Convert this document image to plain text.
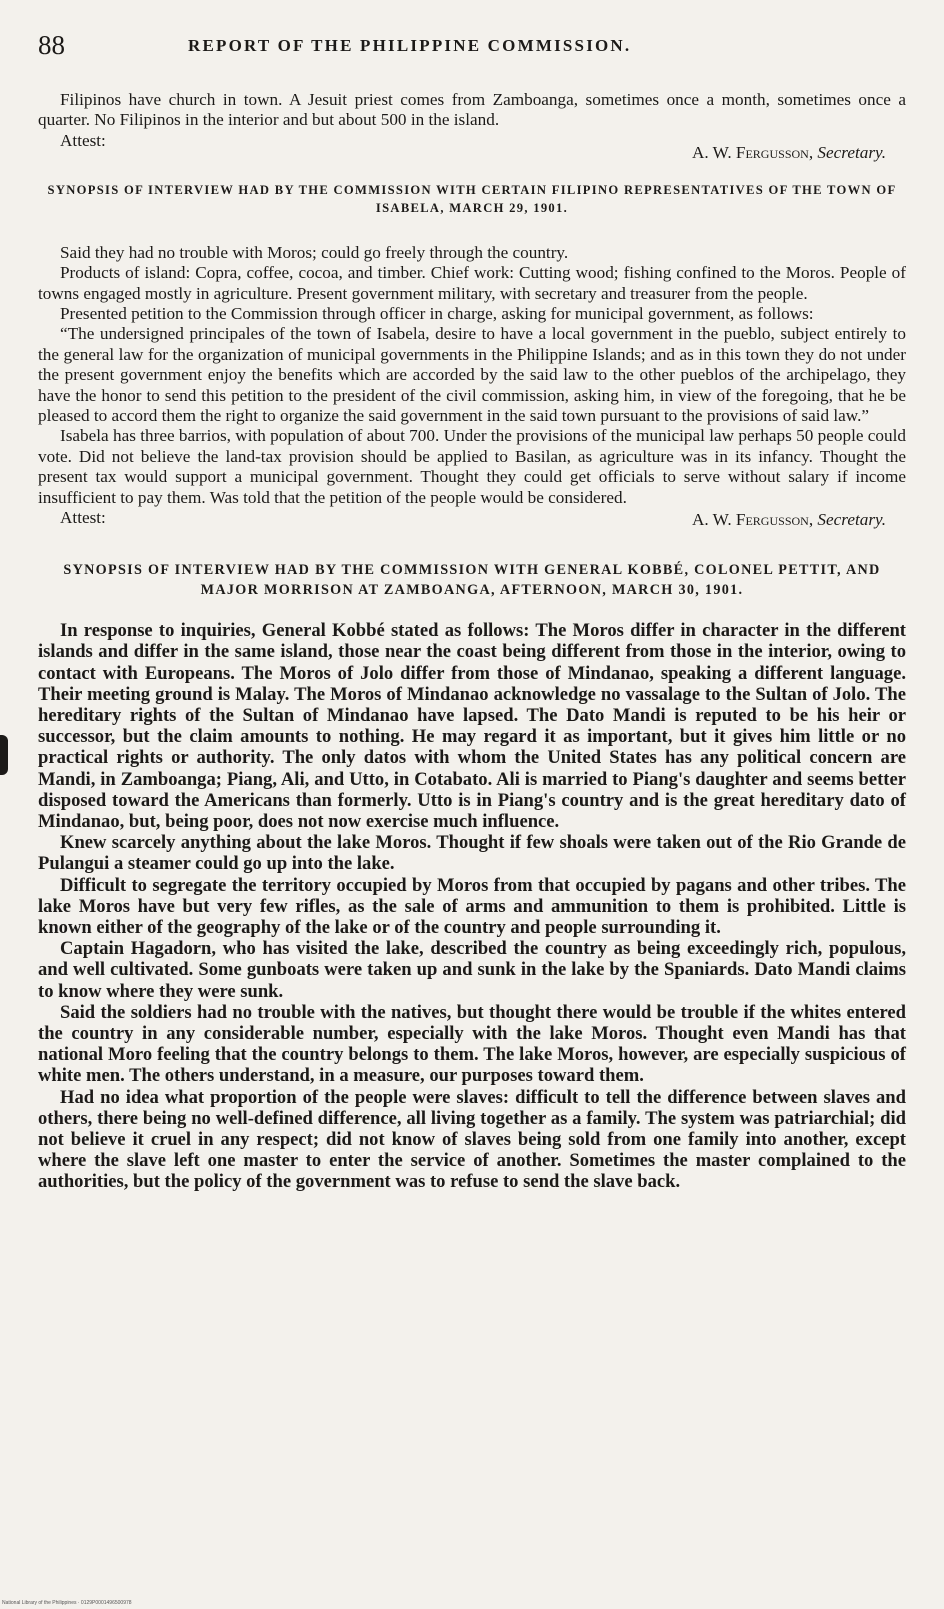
88	REPORT OF THE PHILIPPINE COMMISSION.

Filipinos have church in town. A Jesuit priest comes from Zamboanga, sometimes once a month, sometimes once a quarter. No Filipinos in the interior and but about 500 in the island.

Attest:
A. W. Fergusson, Secretary.
SYNOPSIS OF INTERVIEW HAD BY THE COMMISSION WITH CERTAIN FILIPINO REPRESENTATIVES OF THE TOWN OF ISABELA, MARCH 29, 1901.

Said they had no trouble with Moros; could go freely through the country.

Products of island: Copra, coffee, cocoa, and timber. Chief work: Cutting wood; fishing confined to the Moros. People of towns engaged mostly in agriculture. Present government military, with secretary and treasurer from the people.

Presented petition to the Commission through officer in charge, asking for municipal government, as follows:

“The undersigned principales of the town of Isabela, desire to have a local government in the pueblo, subject entirely to the general law for the organization of municipal governments in the Philippine Islands; and as in this town they do not under the present government enjoy the benefits which are accorded by the said law to the other pueblos of the archipelago, they have the honor to send this petition to the president of the civil commission, asking him, in view of the foregoing, that he be pleased to accord them the right to organize the said government in the said town pursuant to the provisions of said law.”

Isabela has three barrios, with population of about 700. Under the provisions of the municipal law perhaps 50 people could vote. Did not believe the land-tax provision should be applied to Basilan, as agriculture was in its infancy. Thought the present tax would support a municipal government. Thought they could get officials to serve without salary if income insufficient to pay them. Was told that the petition of the people would be considered.

Attest:	A. W. Fergusson, Secretary.
SYNOPSIS OF INTERVIEW HAD BY THE COMMISSION WITH GENERAL KOBBÉ, COLONEL PETTIT, AND MAJOR MORRISON AT ZAMBOANGA, AFTERNOON, MARCH 30, 1901.

In response to inquiries, General Kobbé stated as follows: The Moros differ in character in the different islands and differ in the same island, those near the coast being different from those in the interior, owing to contact with Europeans. The Moros of Jolo differ from those of Mindanao, speaking a different language. Their meeting ground is Malay. The Moros of Mindanao acknowledge no vassalage to the Sultan of Jolo. The hereditary rights of the Sultan of Mindanao have lapsed. The Dato Mandi is reputed to be his heir or successor, but the claim amounts to nothing. He may regard it as important, but it gives him little or no practical rights or authority. The only datos with whom the United States has any political concern are Mandi, in Zamboanga; Piang, Ali, and Utto, in Cotabato. Ali is married to Piang's daughter and seems better disposed toward the Americans than formerly. Utto is in Piang's country and is the great hereditary dato of Mindanao, but, being poor, does not now exercise much influence.

Knew scarcely anything about the lake Moros. Thought if few shoals were taken out of the Rio Grande de Pulangui a steamer could go up into the lake.

Difficult to segregate the territory occupied by Moros from that occupied by pagans and other tribes. The lake Moros have but very few rifles, as the sale of arms and ammunition to them is prohibited. Little is known either of the geography of the lake or of the country and people surrounding it.

Captain Hagadorn, who has visited the lake, described the country as being exceedingly rich, populous, and well cultivated. Some gunboats were taken up and sunk in the lake by the Spaniards. Dato Mandi claims to know where they were sunk.

Said the soldiers had no trouble with the natives, but thought there would be trouble if the whites entered the country in any considerable number, especially with the lake Moros. Thought even Mandi has that national Moro feeling that the country belongs to them. The lake Moros, however, are especially suspicious of white men. The others understand, in a measure, our purposes toward them.

Had no idea what proportion of the people were slaves: difficult to tell the difference between slaves and others, there being no well-defined difference, all living together as a family. The system was patriarchial; did not believe it cruel in any respect; did not know of slaves being sold from one family into another, except where the slave left one master to enter the service of another. Sometimes the master complained to the authorities, but the policy of the government was to refuse to send the slave back.

National Library of the Philippines · 0129P0001496500978
